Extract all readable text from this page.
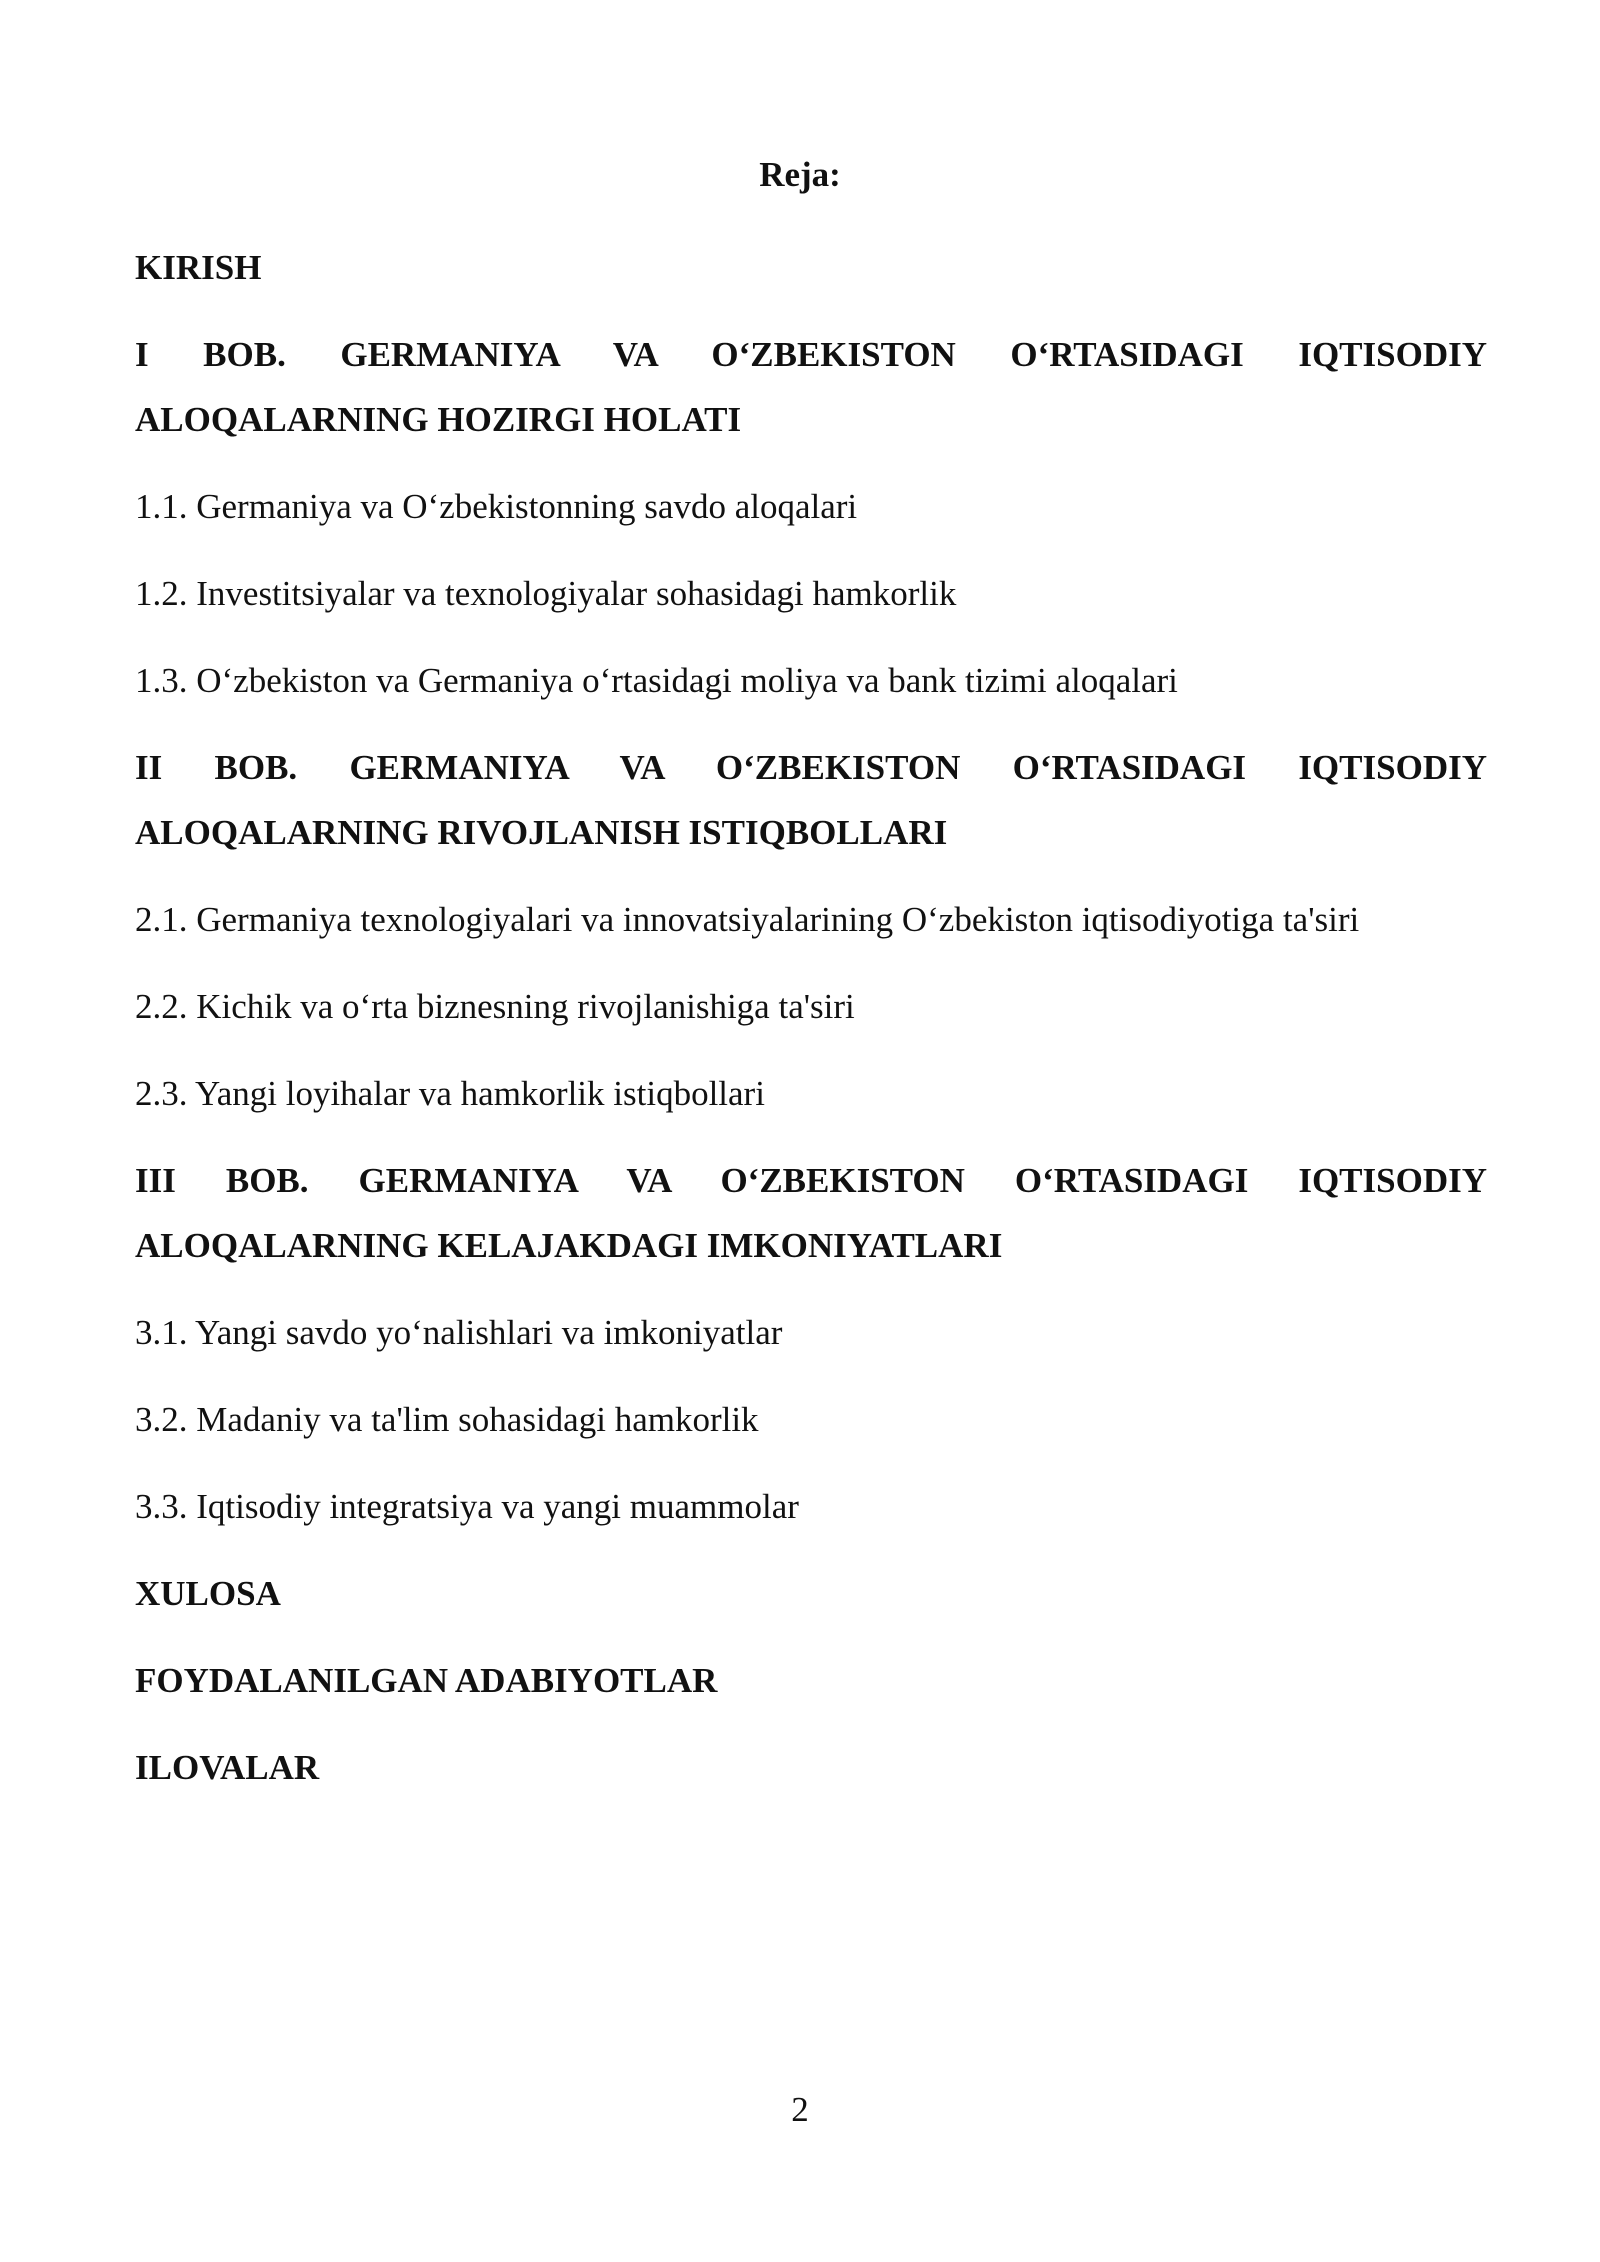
Reja:
KIRISH
I BOB. GERMANIYA VA O‘ZBEKISTON O‘RTASIDAGI IQTISODIY ALOQALARNING HOZIRGI HOLATI
1.1. Germaniya va O‘zbekistonning savdo aloqalari
1.2. Investitsiyalar va texnologiyalar sohasidagi hamkorlik
1.3. O‘zbekiston va Germaniya o‘rtasidagi moliya va bank tizimi aloqalari
II BOB. GERMANIYA VA O‘ZBEKISTON O‘RTASIDAGI IQTISODIY ALOQALARNING RIVOJLANISH ISTIQBOLLARI
2.1. Germaniya texnologiyalari va innovatsiyalarining O‘zbekiston iqtisodiyotiga ta'siri
2.2. Kichik va o‘rta biznesning rivojlanishiga ta'siri
2.3. Yangi loyihalar va hamkorlik istiqbollari
III BOB. GERMANIYA VA O‘ZBEKISTON O‘RTASIDAGI IQTISODIY ALOQALARNING KELAJAKDAGI IMKONIYATLARI
3.1. Yangi savdo yo‘nalishlari va imkoniyatlar
3.2. Madaniy va ta'lim sohasidagi hamkorlik
3.3. Iqtisodiy integratsiya va yangi muammolar
XULOSA
FOYDALANILGAN ADABIYOTLAR
ILOVALAR
2
